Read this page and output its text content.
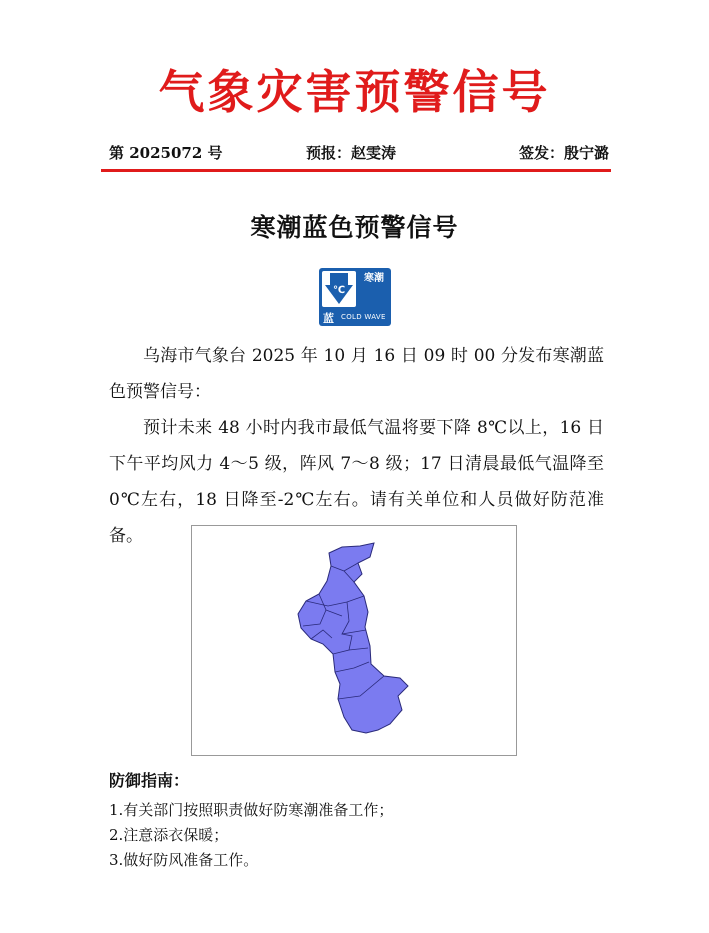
气象灾害预警信号
第 2025072 号	预报：赵雯涛	签发：殷宁潞
寒潮蓝色预警信号
℃
寒潮
蓝 COLD WAVE
乌海市气象台 2025 年 10 月 16 日 09 时 00 分发布寒潮蓝色预警信号：
预计未来 48 小时内我市最低气温将要下降 8℃以上，16 日下午平均风力 4～5 级，阵风 7～8 级；17 日清晨最低气温降至 0℃左右，18 日降至-2℃左右。请有关单位和人员做好防范准备。
防御指南：
1.有关部门按照职责做好防寒潮准备工作；
2.注意添衣保暖；
3.做好防风准备工作。
